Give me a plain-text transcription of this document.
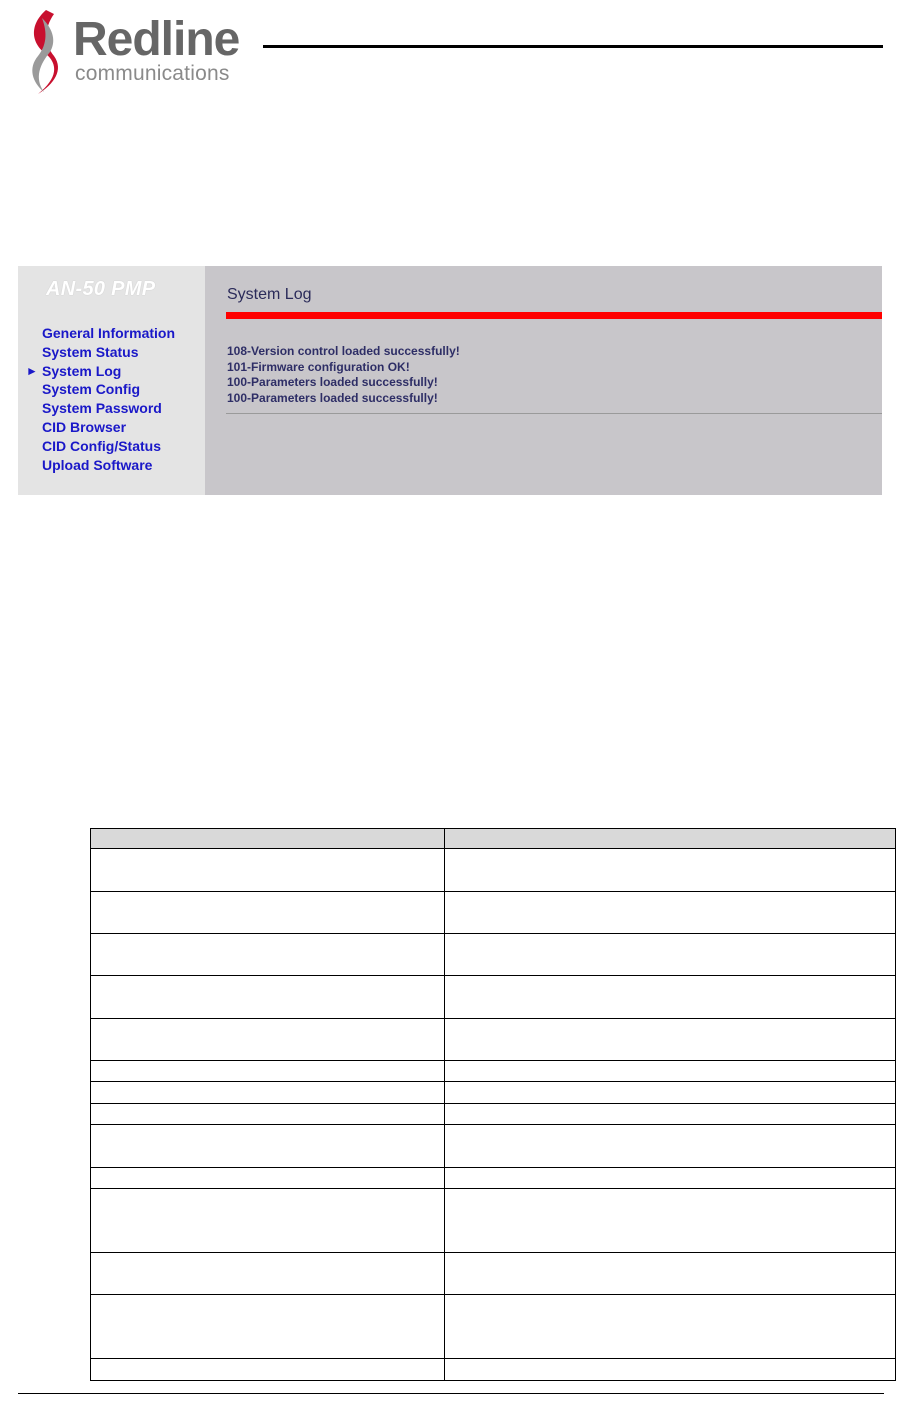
Redline
communications
AN-50 PMP
General Information
System Status
► System Log
System Config
System Password
CID Browser
CID Config/Status
Upload Software
System Log
108-Version control loaded successfully!
101-Firmware configuration OK!
100-Parameters loaded successfully!
100-Parameters loaded successfully!
